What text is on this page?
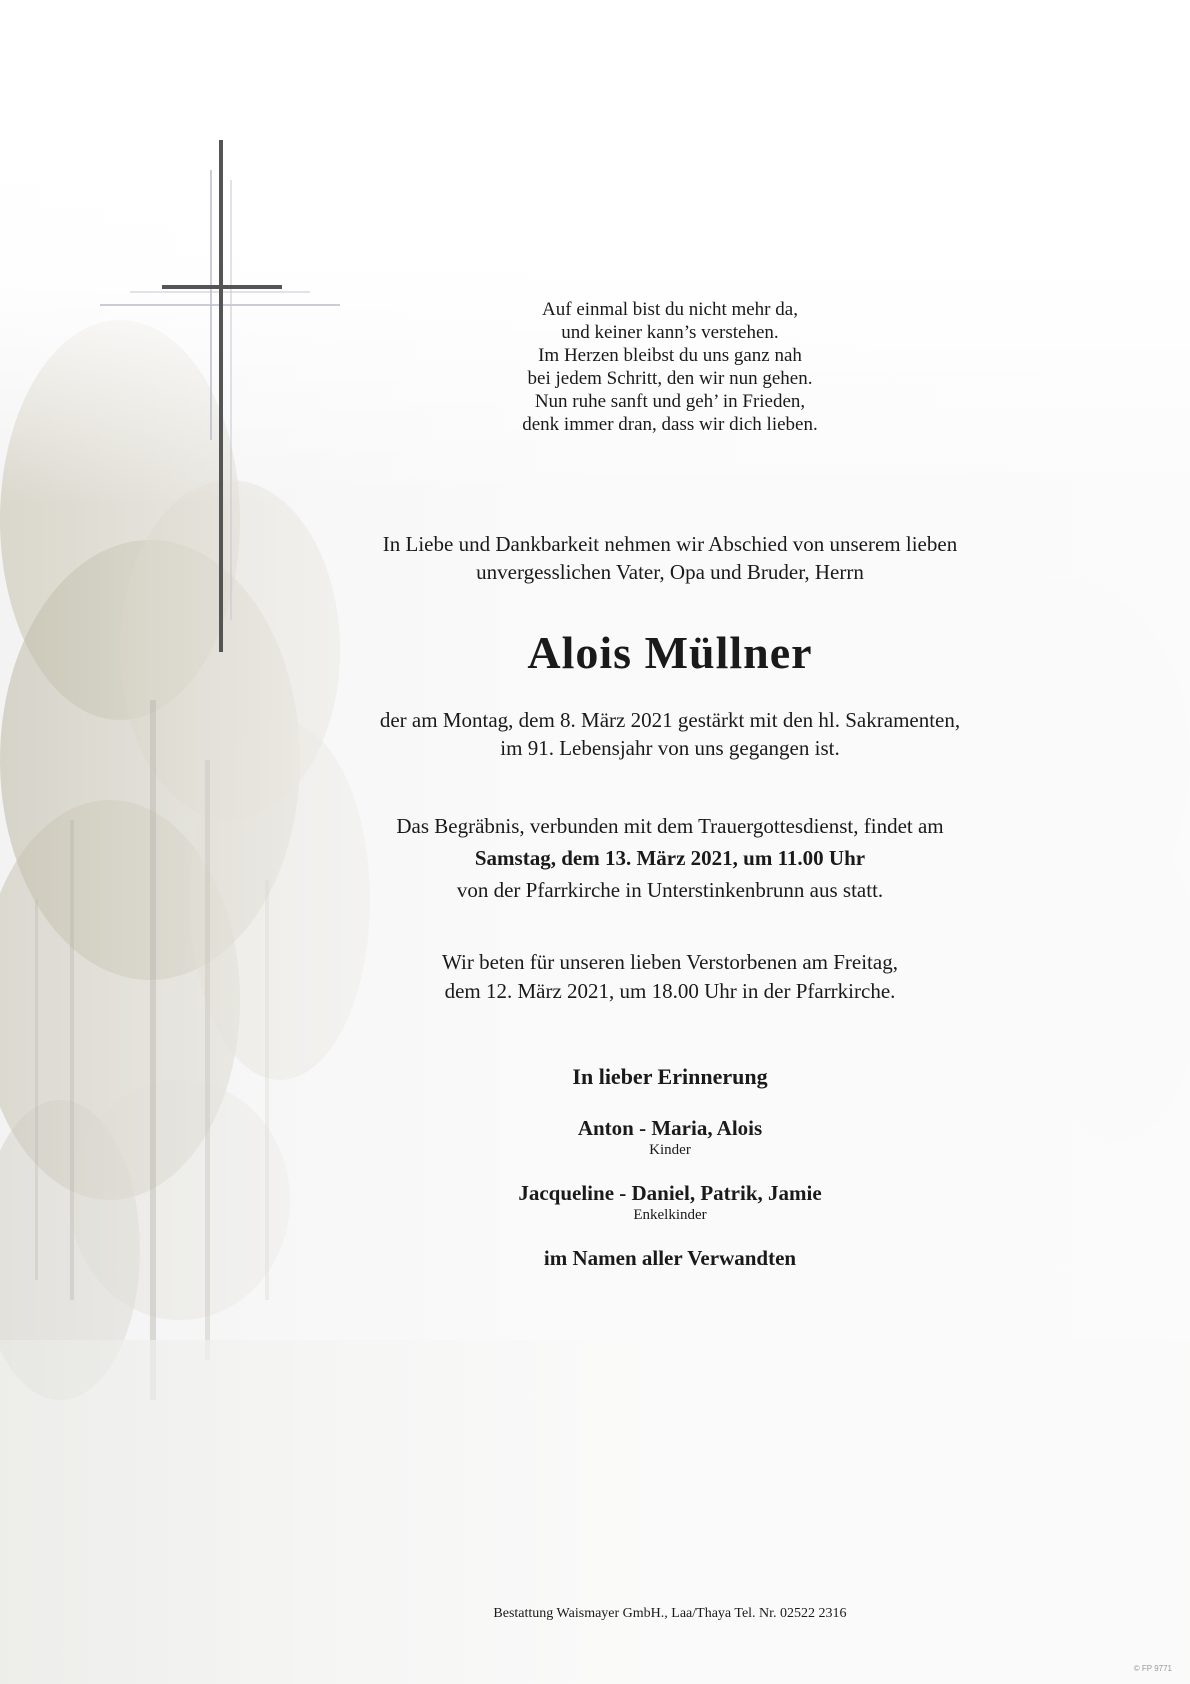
Auf einmal bist du nicht mehr da,
und keiner kann’s verstehen.
Im Herzen bleibst du uns ganz nah
bei jedem Schritt, den wir nun gehen.
Nun ruhe sanft und geh’ in Frieden,
denk immer dran, dass wir dich lieben.
In Liebe und Dankbarkeit nehmen wir Abschied von unserem lieben
unvergesslichen Vater, Opa und Bruder, Herrn
Alois Müllner
der am Montag, dem 8. März 2021 gestärkt mit den hl. Sakramenten,
im 91. Lebensjahr von uns gegangen ist.
Das Begräbnis, verbunden mit dem Trauergottesdienst, findet am
Samstag, dem 13. März 2021, um 11.00 Uhr
von der Pfarrkirche in Unterstinkenbrunn aus statt.
Wir beten für unseren lieben Verstorbenen am Freitag,
dem 12. März 2021, um 18.00 Uhr in der Pfarrkirche.
In lieber Erinnerung
Anton - Maria, Alois
Kinder
Jacqueline - Daniel, Patrik, Jamie
Enkelkinder
im Namen aller Verwandten
Bestattung Waismayer GmbH., Laa/Thaya Tel. Nr. 02522 2316
© FP 9771
